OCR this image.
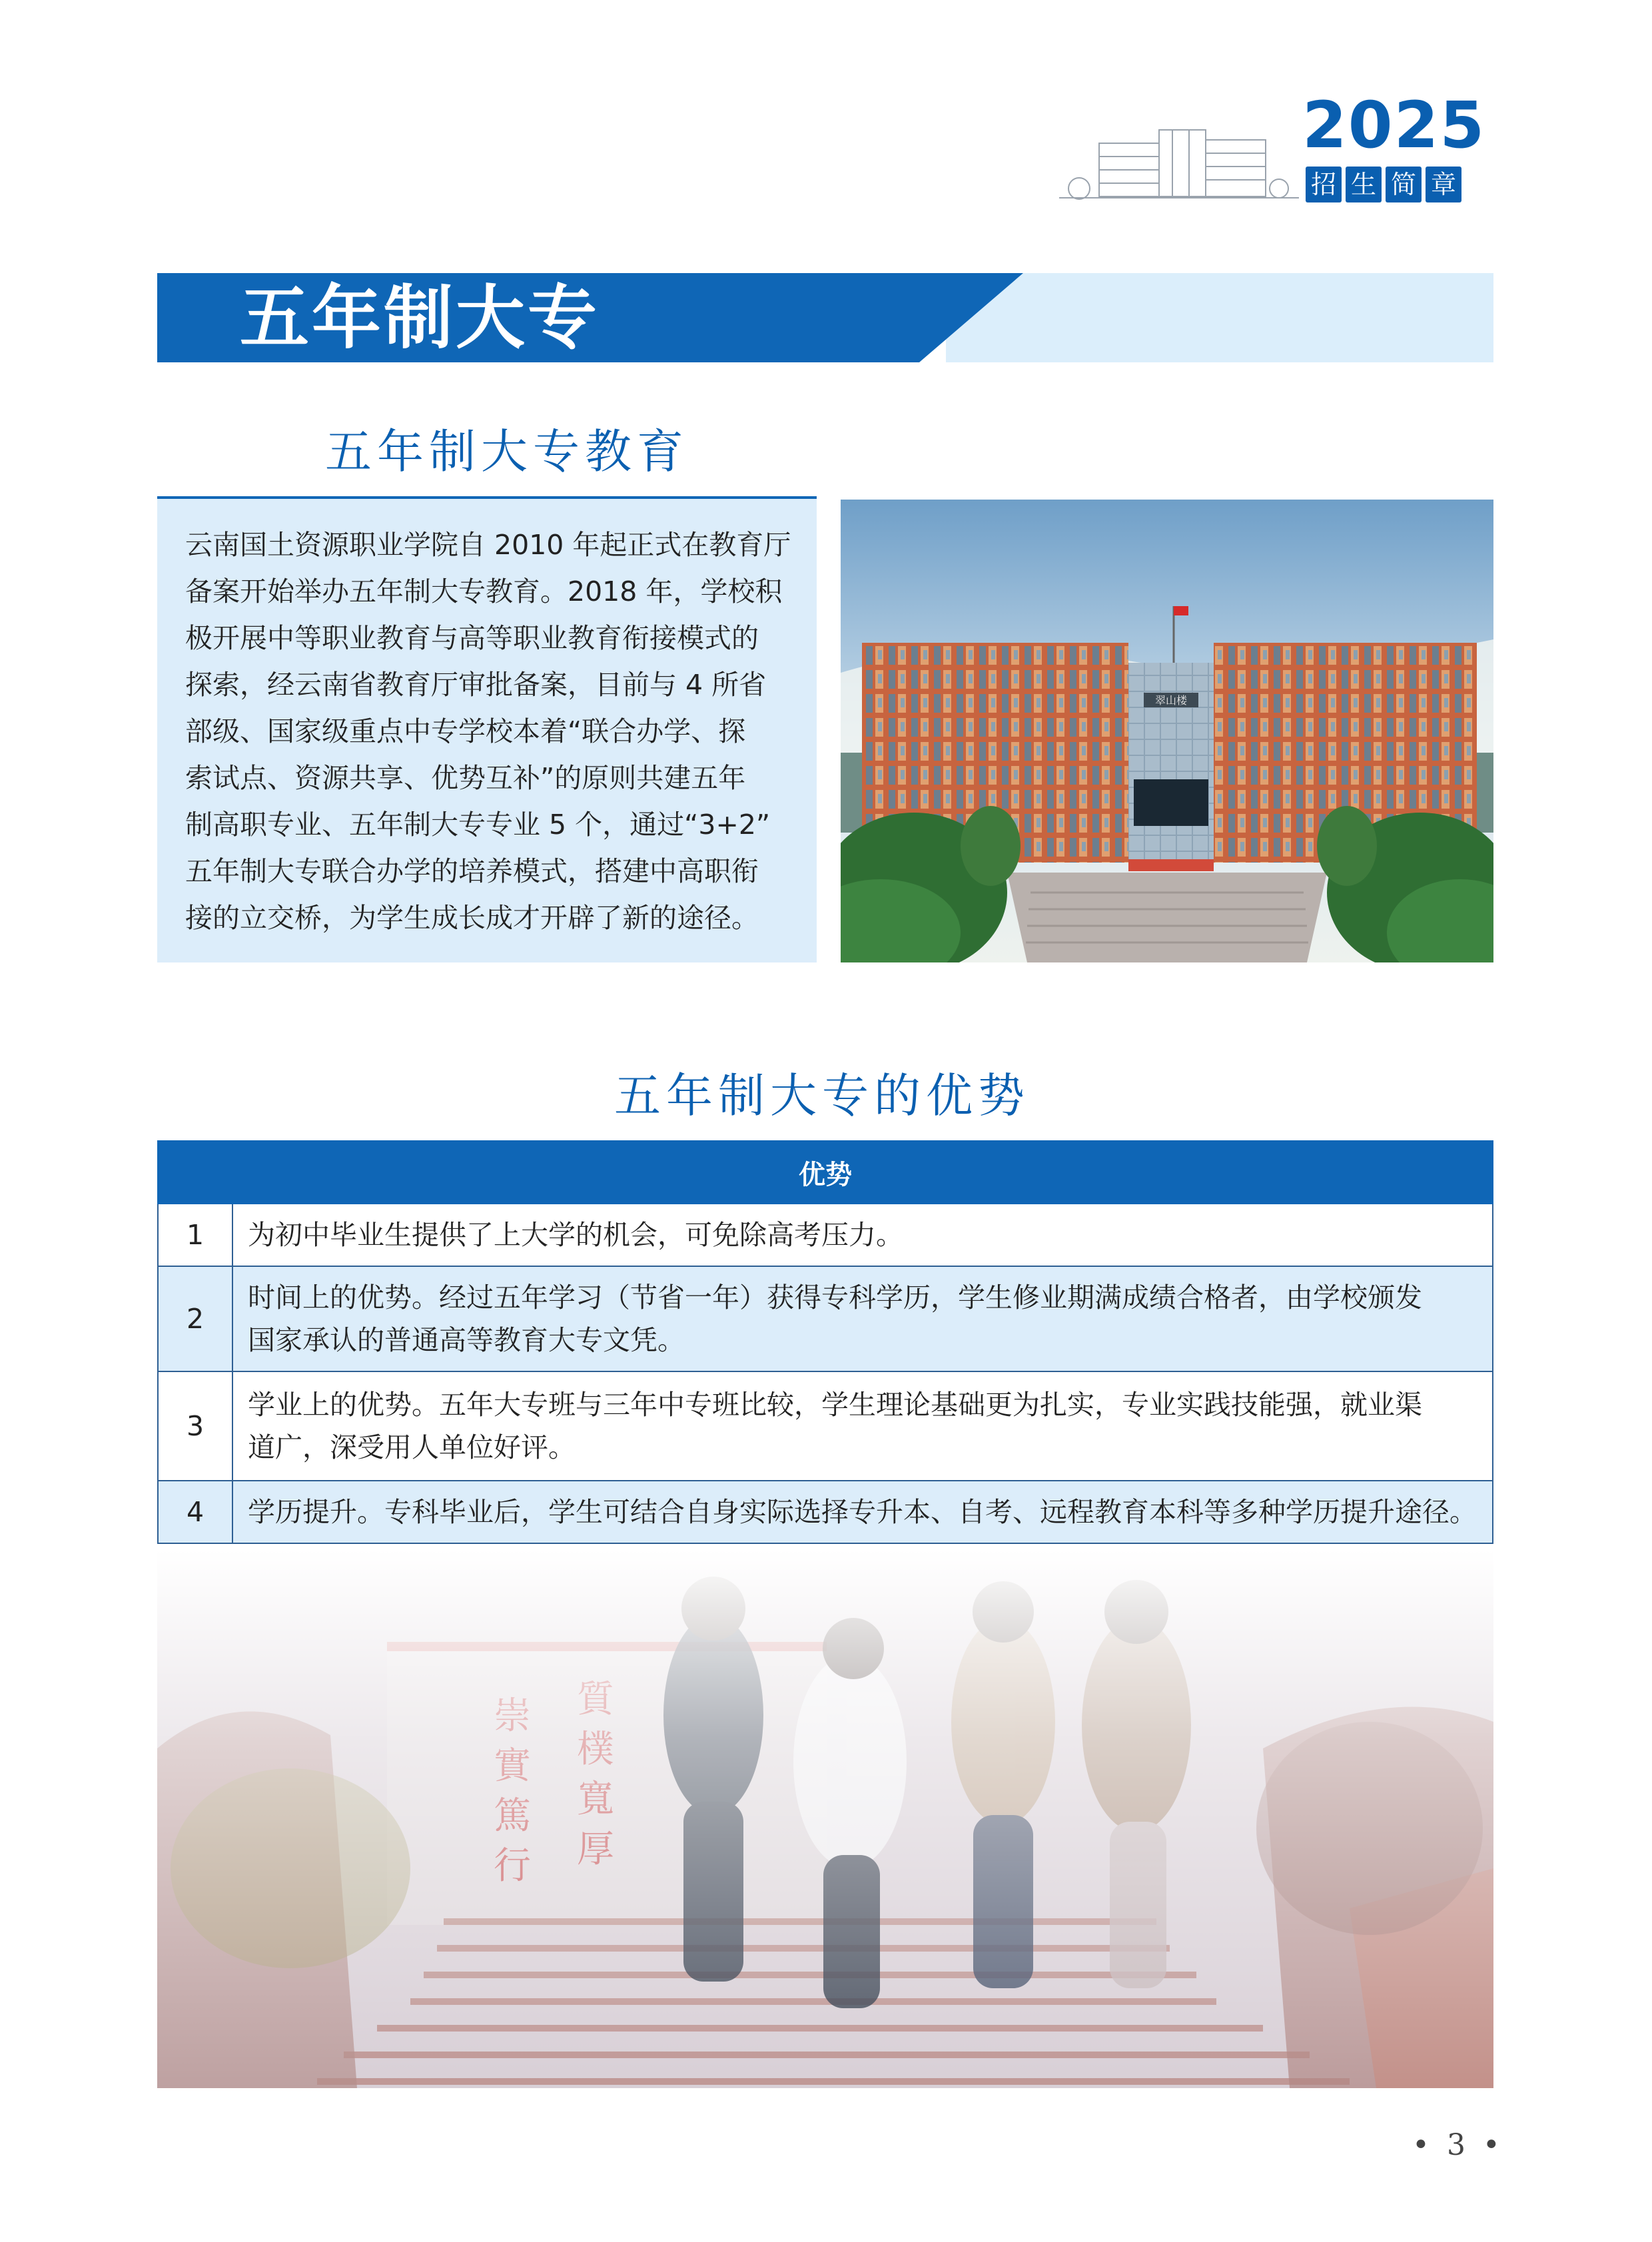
2025
招 生 简 章
五年制大专
五年制大专教育
云南国土资源职业学院自 2010 年起正式在教育厅
备案开始举办五年制大专教育。2018 年，学校积
极开展中等职业教育与高等职业教育衔接模式的
探索，经云南省教育厅审批备案，目前与 4 所省
部级、国家级重点中专学校本着“联合办学、探
索试点、资源共享、优势互补”的原则共建五年
制高职专业、五年制大专专业 5 个，通过“3+2”
五年制大专联合办学的培养模式，搭建中高职衔
接的立交桥，为学生成长成才开辟了新的途径。
翠山楼
五年制大专的优势
优势	
1	为初中毕业生提供了上大学的机会，可免除高考压力。

2	时间上的优势。经过五年学习（节省一年）获得专科学历，学生修业期满成绩合格者，由学校颁发
国家承认的普通高等教育大专文凭。

3	学业上的优势。五年大专班与三年中专班比较，学生理论基础更为扎实，专业实践技能强，就业渠
道广，深受用人单位好评。

4	学历提升。专科毕业后，学生可结合自身实际选择专升本、自考、远程教育本科等多种学历提升途径。
• 3 •
